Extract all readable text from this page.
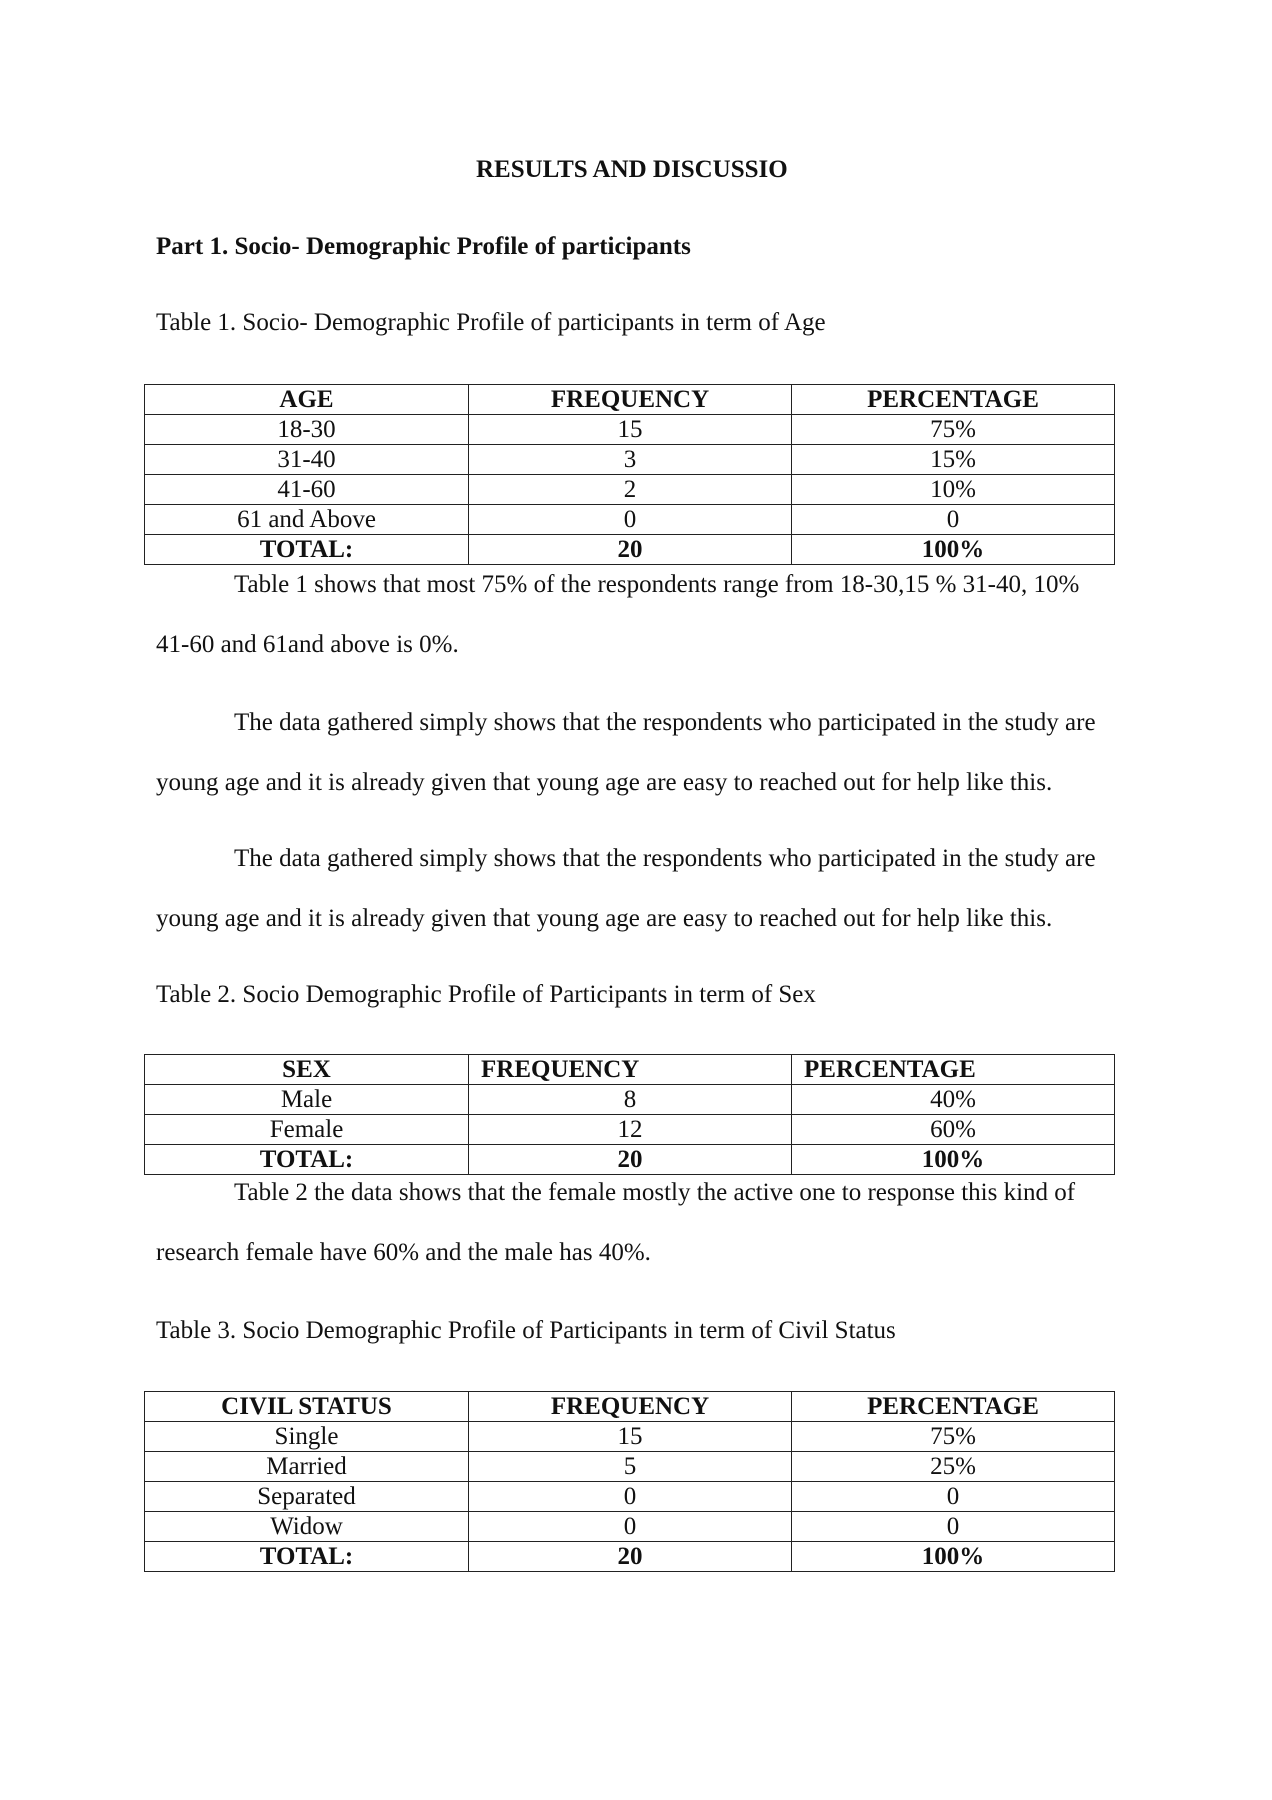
RESULTS AND DISCUSSIO

Part 1. Socio- Demographic Profile of participants

Table 1. Socio- Demographic Profile of participants in term of Age

AGE	FREQUENCY	PERCENTAGE
18-30	15	75%
31-40	3	15%
41-60	2	10%
61 and Above	0	0
TOTAL:	20	100%

Table 1 shows that most 75% of the respondents range from 18-30,15 % 31-40, 10%

41-60 and 61and above is 0%.

The data gathered simply shows that the respondents who participated in the study are

young age and it is already given that young age are easy to reached out for help like this.

The data gathered simply shows that the respondents who participated in the study are

young age and it is already given that young age are easy to reached out for help like this.

Table 2. Socio Demographic Profile of Participants in term of Sex

SEX	FREQUENCY	PERCENTAGE
Male	8	40%
Female	12	60%
TOTAL:	20	100%

Table 2 the data shows that the female mostly the active one to response this kind of

research female have 60% and the male has 40%.

Table 3. Socio Demographic Profile of Participants in term of Civil Status

CIVIL STATUS	FREQUENCY	PERCENTAGE
Single	15	75%
Married	5	25%
Separated	0	0
Widow	0	0
TOTAL:	20	100%
